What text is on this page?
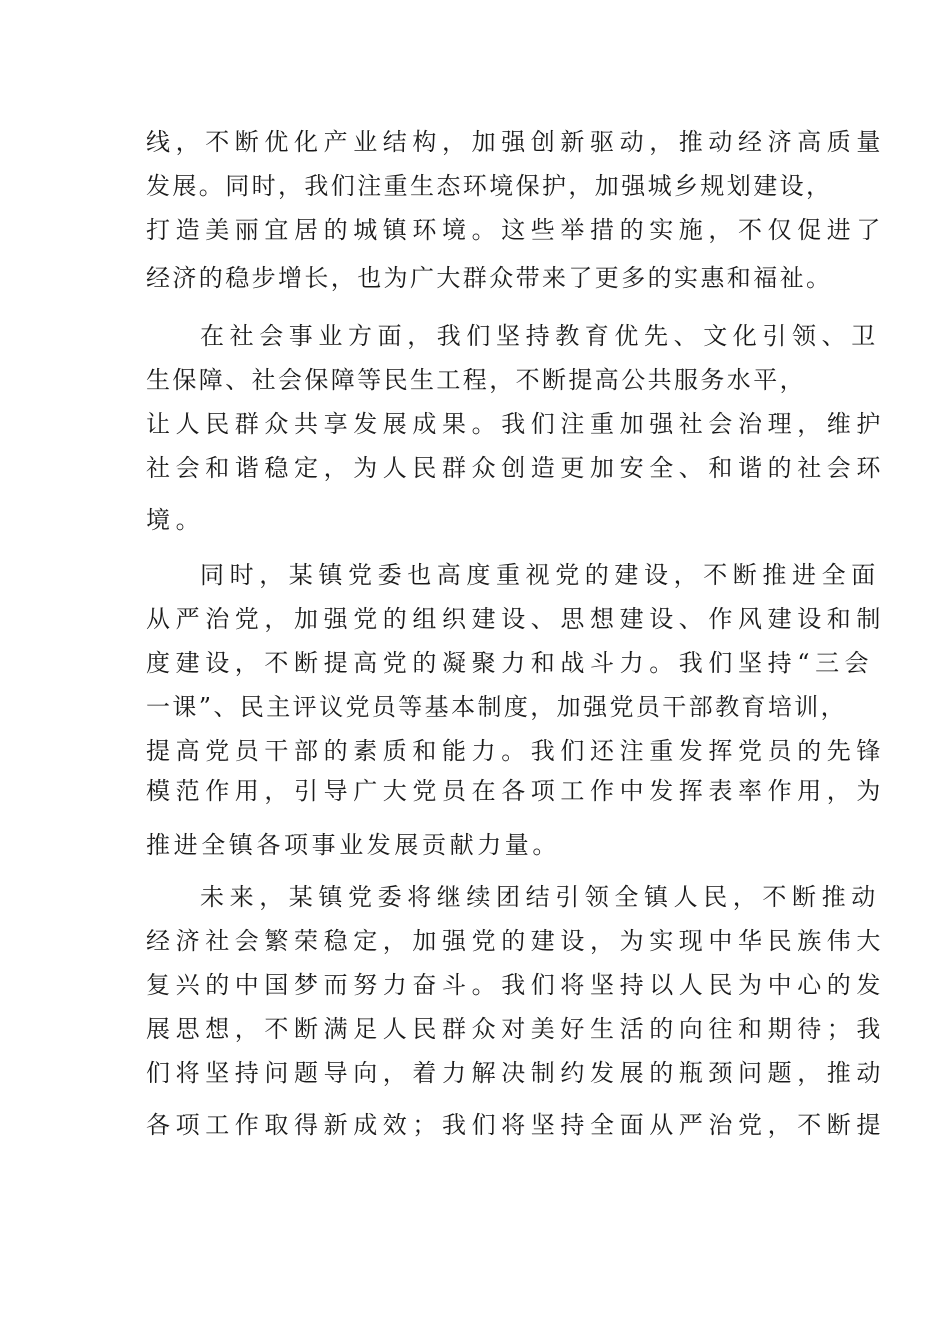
线，不断优化产业结构，加强创新驱动，推动经济高质量
发展。同时，我们注重生态环境保护，加强城乡规划建设，
打造美丽宜居的城镇环境。这些举措的实施，不仅促进了
经济的稳步增长，也为广大群众带来了更多的实惠和福祉。
在社会事业方面，我们坚持教育优先、文化引领、卫
生保障、社会保障等民生工程，不断提高公共服务水平，
让人民群众共享发展成果。我们注重加强社会治理，维护
社会和谐稳定，为人民群众创造更加安全、和谐的社会环
境。
同时，某镇党委也高度重视党的建设，不断推进全面
从严治党，加强党的组织建设、思想建设、作风建设和制
度建设，不断提高党的凝聚力和战斗力。我们坚持“三会
一课”、民主评议党员等基本制度，加强党员干部教育培训，
提高党员干部的素质和能力。我们还注重发挥党员的先锋
模范作用，引导广大党员在各项工作中发挥表率作用，为
推进全镇各项事业发展贡献力量。
未来，某镇党委将继续团结引领全镇人民，不断推动
经济社会繁荣稳定，加强党的建设，为实现中华民族伟大
复兴的中国梦而努力奋斗。我们将坚持以人民为中心的发
展思想，不断满足人民群众对美好生活的向往和期待；我
们将坚持问题导向，着力解决制约发展的瓶颈问题，推动
各项工作取得新成效；我们将坚持全面从严治党，不断提
